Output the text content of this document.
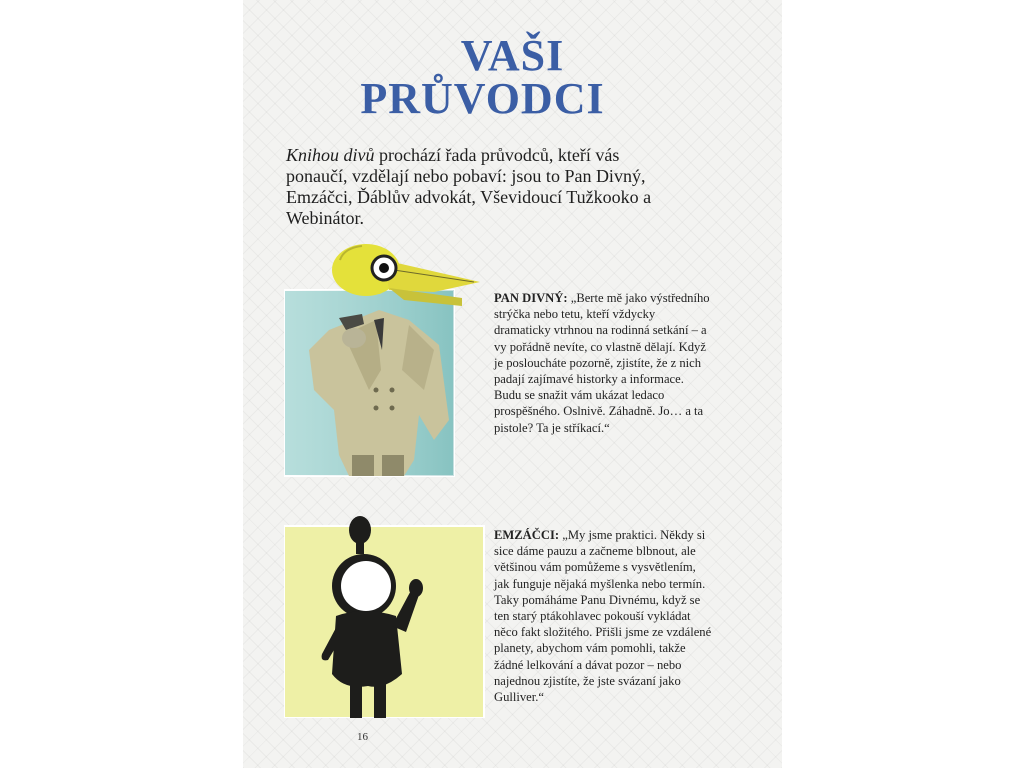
VAŠI
PRŮVODCI

Knihou divů prochází řada průvodců, kteří vás ponaučí, vzdělají nebo pobaví: jsou to Pan Divný, Emzáčci, Ďáblův advokát, Vševidoucí Tužkooko a Webinátor.

PAN DIVNÝ: „Berte mě jako výstředního strýčka nebo tetu, kteří vždycky dramaticky vtrhnou na rodinná setkání – a vy pořádně nevíte, co vlastně dělají. Když je posloucháte pozorně, zjistíte, že z nich padají zajímavé historky a informace. Budu se snažit vám ukázat ledaco prospěšného. Oslnivě. Záhadně. Jo… a ta pistole? Ta je stříkací.“

EMZÁČCI: „My jsme praktici. Někdy si sice dáme pauzu a začneme blbnout, ale většinou vám pomůžeme s vysvětlením, jak funguje nějaká myšlenka nebo termín. Taky pomáháme Panu Divnému, když se ten starý ptákohlavec pokouší vykládat něco fakt složitého. Přišli jsme ze vzdálené planety, abychom vám pomohli, takže žádné lelkování a dávat pozor – nebo najednou zjistíte, že jste svázaní jako Gulliver.“

16
